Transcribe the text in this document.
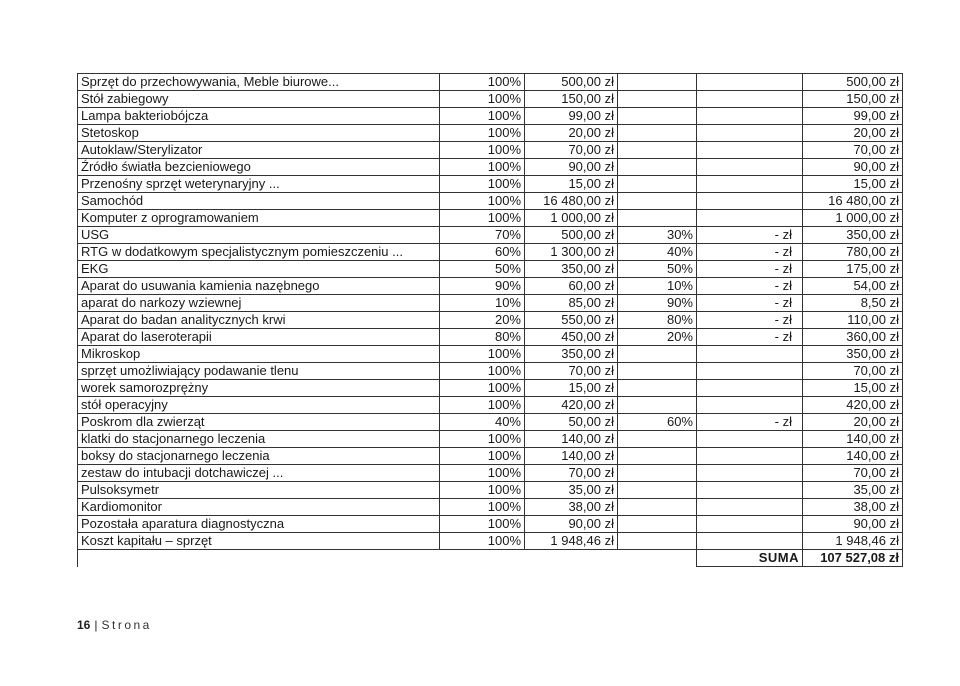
Sprzęt do przechowywania, Meble biurowe...	100%	500,00 zł			500,00 zł
Stół zabiegowy	100%	150,00 zł			150,00 zł
Lampa bakteriobójcza	100%	99,00 zł			99,00 zł
Stetoskop	100%	20,00 zł			20,00 zł
Autoklaw/Sterylizator	100%	70,00 zł			70,00 zł
Źródło światła bezcieniowego	100%	90,00 zł			90,00 zł
Przenośny sprzęt weterynaryjny ...	100%	15,00 zł			15,00 zł
Samochód	100%	16 480,00 zł			16 480,00 zł
Komputer z oprogramowaniem	100%	1 000,00 zł			1 000,00 zł
USG	70%	500,00 zł	30%	- zł	350,00 zł
RTG w dodatkowym specjalistycznym pomieszczeniu ...	60%	1 300,00 zł	40%	- zł	780,00 zł
EKG	50%	350,00 zł	50%	- zł	175,00 zł
Aparat do usuwania kamienia nazębnego	90%	60,00 zł	10%	- zł	54,00 zł
aparat do narkozy wziewnej	10%	85,00 zł	90%	- zł	8,50 zł
Aparat do badan analitycznych krwi	20%	550,00 zł	80%	- zł	110,00 zł
Aparat do laseroterapii	80%	450,00 zł	20%	- zł	360,00 zł
Mikroskop	100%	350,00 zł			350,00 zł
sprzęt umożliwiający podawanie tlenu	100%	70,00 zł			70,00 zł
worek samorozprężny	100%	15,00 zł			15,00 zł
stół operacyjny	100%	420,00 zł			420,00 zł
Poskrom dla zwierząt	40%	50,00 zł	60%	- zł	20,00 zł
klatki do stacjonarnego leczenia	100%	140,00 zł			140,00 zł
boksy do stacjonarnego leczenia	100%	140,00 zł			140,00 zł
zestaw do intubacji dotchawiczej ...	100%	70,00 zł			70,00 zł
Pulsoksymetr	100%	35,00 zł			35,00 zł
Kardiomonitor	100%	38,00 zł			38,00 zł
Pozostała aparatura diagnostyczna	100%	90,00 zł			90,00 zł
Koszt kapitału – sprzęt	100%	1 948,46 zł			1 948,46 zł
				SUMA	107 527,08 zł
16 | Strona
